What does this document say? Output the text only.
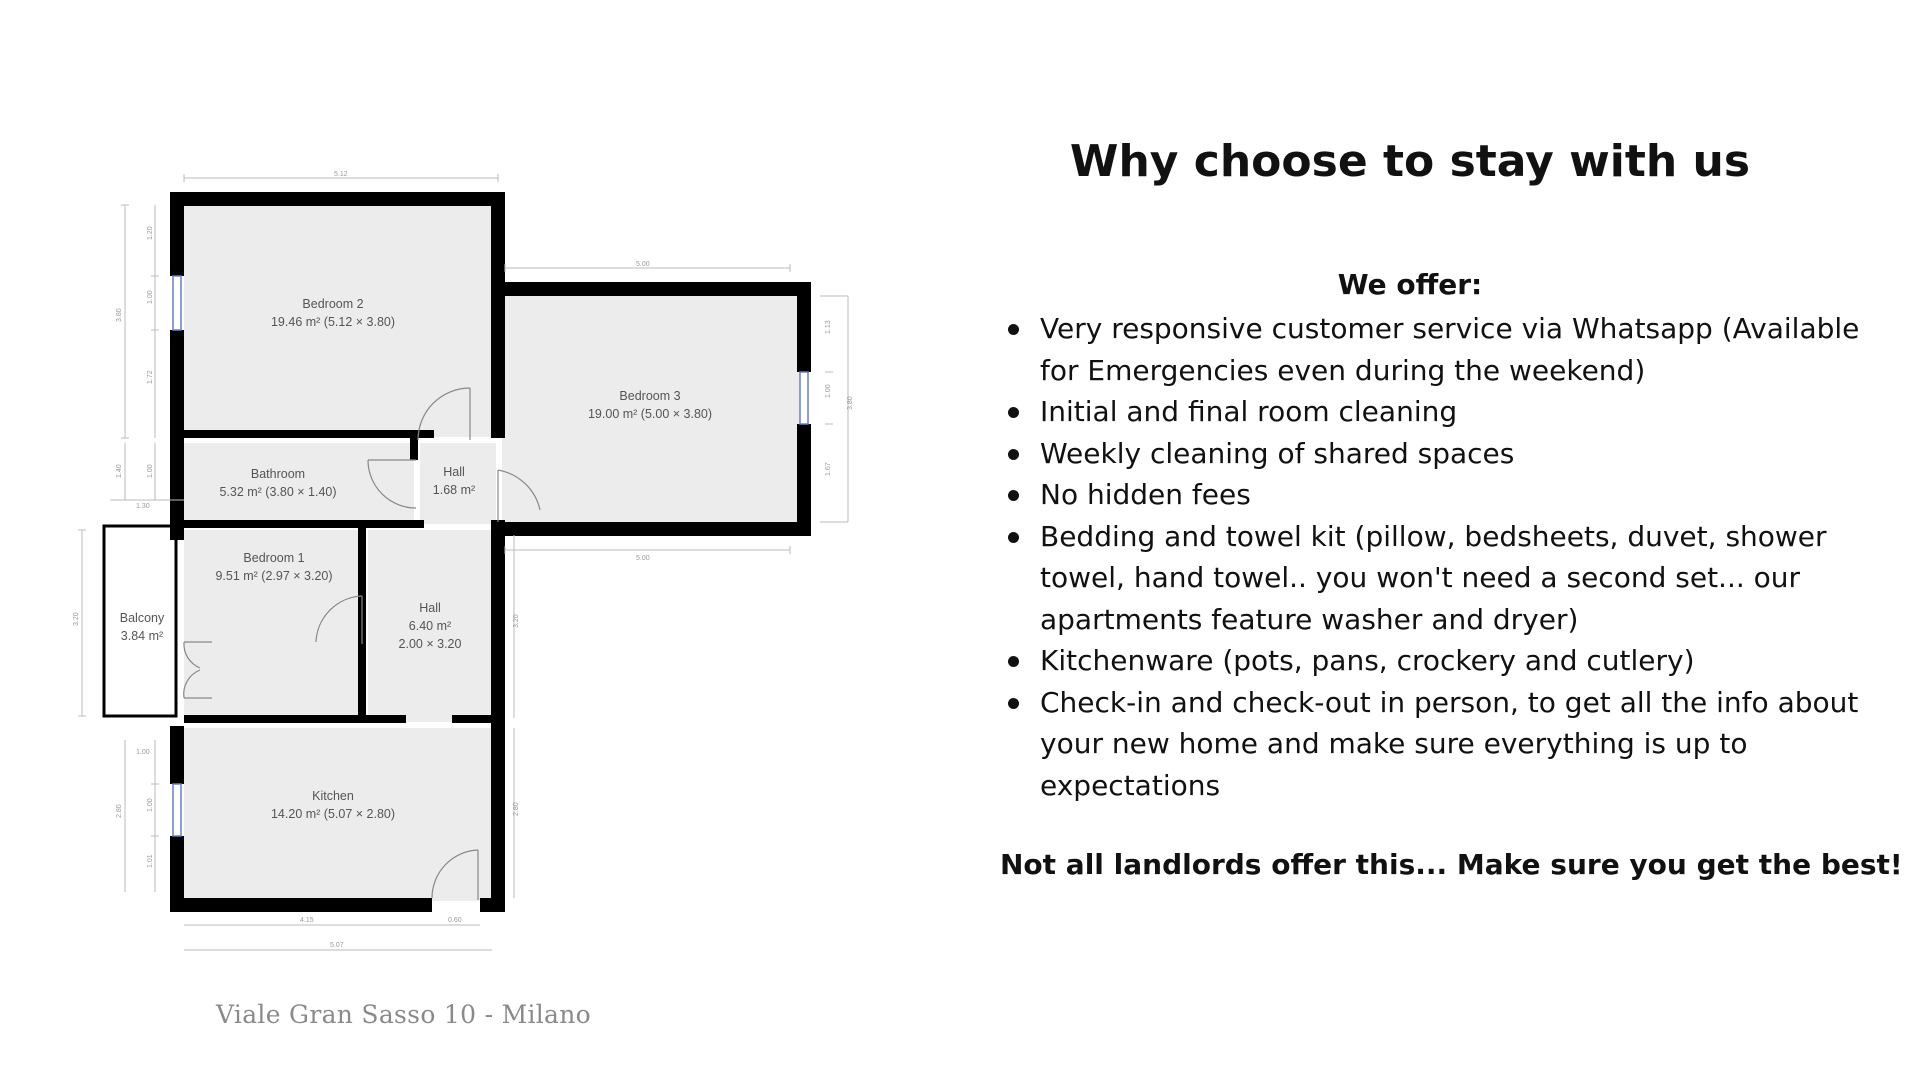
5.12
5.00
5.00
3.80
1.20
1.00
1.72
1.40	1.00
1.30
3.20
2.80
1.00
1.00
1.01
1.13
1.00
1.67
3.80
3.20
2.80
4.15	0.60
5.07
Bedroom 2
19.46 m² (5.12 × 3.80)
Bedroom 3
19.00 m² (5.00 × 3.80)
Bathroom
5.32 m² (3.80 × 1.40)
Hall
1.68 m²
Bedroom 1
9.51 m² (2.97 × 3.20)
Balcony
3.84 m²
Hall
6.40 m²
2.00 × 3.20
Kitchen
14.20 m² (5.07 × 2.80)
Viale Gran Sasso 10 - Milano
Why choose to stay with us
We offer:
Very responsive customer service via Whatsapp (Available for Emergencies even during the weekend)
Initial and final room cleaning
Weekly cleaning of shared spaces
No hidden fees
Bedding and towel kit (pillow, bedsheets, duvet, shower towel, hand towel.. you won't need a second set... our apartments feature washer and dryer)
Kitchenware (pots, pans, crockery and cutlery)
Check-in and check-out in person, to get all the info about your new home and make sure everything is up to expectations
Not all landlords offer this... Make sure you get the best!
